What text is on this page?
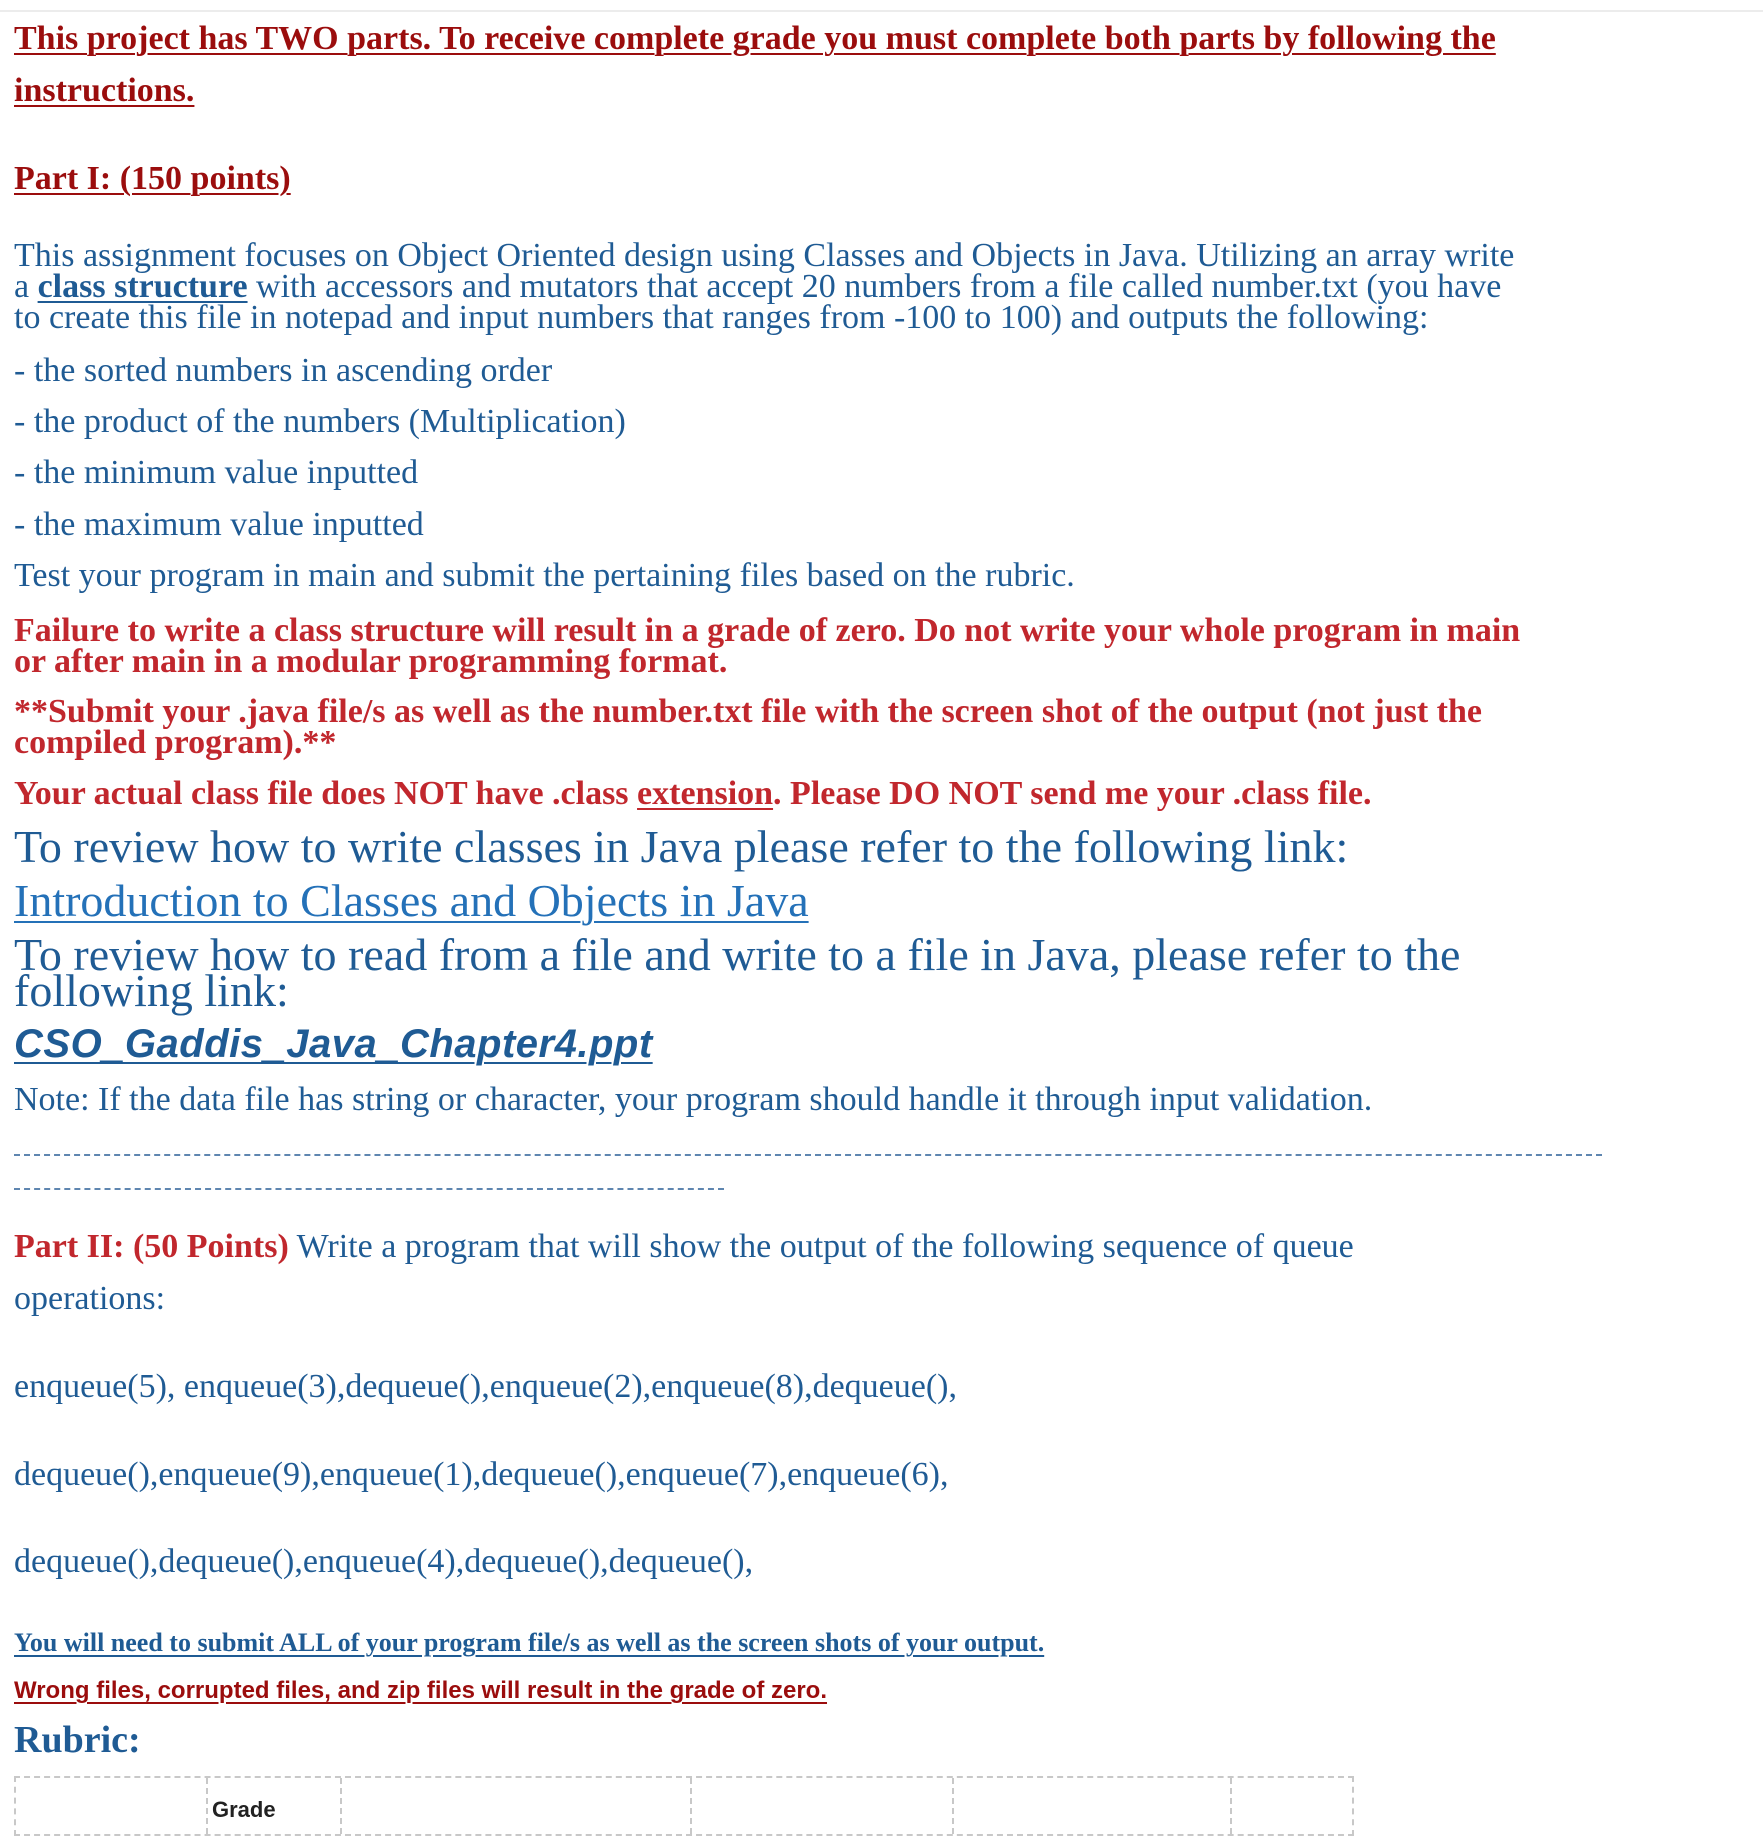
This project has TWO parts. To receive complete grade you must complete both parts by following the
instructions.
Part I: (150 points)
This assignment focuses on Object Oriented design using Classes and Objects in Java. Utilizing an array write
a class structure with accessors and mutators that accept 20 numbers from a file called number.txt (you have
to create this file in notepad and input numbers that ranges from -100 to 100) and outputs the following:
- the sorted numbers in ascending order
- the product of the numbers (Multiplication)
- the minimum value inputted
- the maximum value inputted
Test your program in main and submit the pertaining files based on the rubric.
Failure to write a class structure will result in a grade of zero. Do not write your whole program in main
or after main in a modular programming format.
**Submit your .java file/s as well as the number.txt file with the screen shot of the output (not just the
compiled program).**
Your actual class file does NOT have .class extension. Please DO NOT send me your .class file.
To review how to write classes in Java please refer to the following link:
Introduction to Classes and Objects in Java
To review how to read from a file and write to a file in Java, please refer to the
following link:
CSO_Gaddis_Java_Chapter4.ppt
Note: If the data file has string or character, your program should handle it through input validation.
Part II: (50 Points) Write a program that will show the output of the following sequence of queue
operations:
enqueue(5), enqueue(3),dequeue(),enqueue(2),enqueue(8),dequeue(),
dequeue(),enqueue(9),enqueue(1),dequeue(),enqueue(7),enqueue(6),
dequeue(),dequeue(),enqueue(4),dequeue(),dequeue(),
You will need to submit ALL of your program file/s as well as the screen shots of your output.
Wrong files, corrupted files, and zip files will result in the grade of zero.
Rubric:
Grade
